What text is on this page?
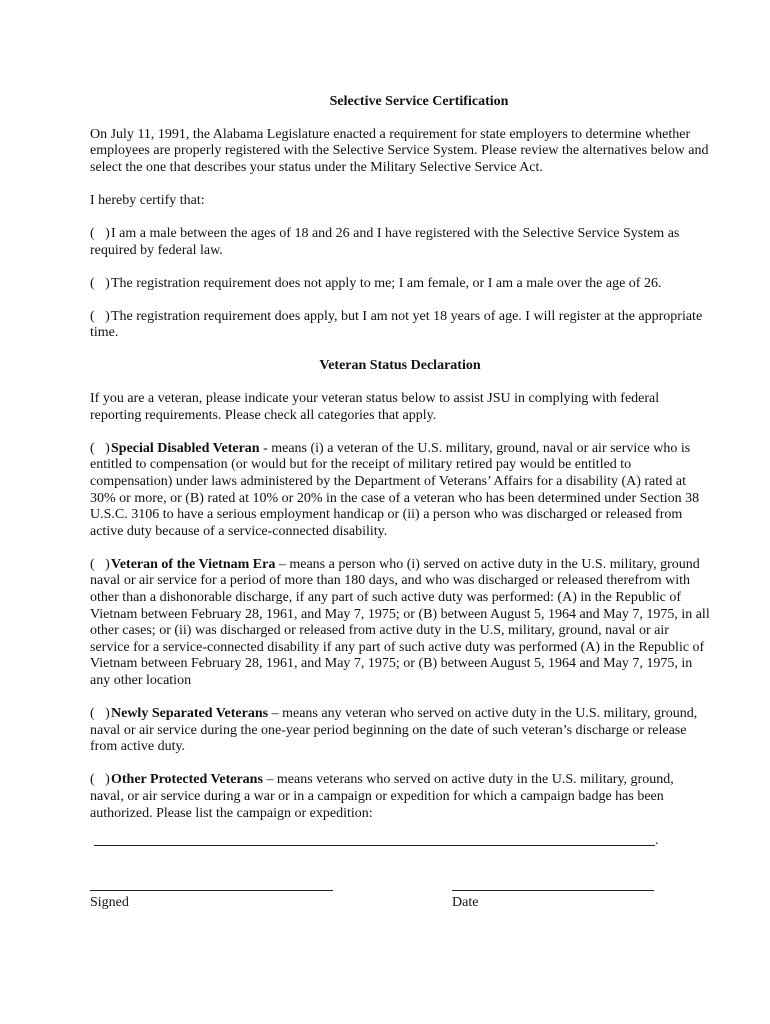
Selective Service Certification

On July 11, 1991, the Alabama Legislature enacted a requirement for state employers to determine whether employees are properly registered with the Selective Service System. Please review the alternatives below and select the one that describes your status under the Military Selective Service Act.

I hereby certify that:

(   )I am a male between the ages of 18 and 26 and I have registered with the Selective Service System as required by federal law.

(   )The registration requirement does not apply to me; I am female, or I am a male over the age of 26.

(   )The registration requirement does apply, but I am not yet 18 years of age. I will register at the appropriate time.

Veteran Status Declaration

If you are a veteran, please indicate your veteran status below to assist JSU in complying with federal reporting requirements. Please check all categories that apply.

(   )Special Disabled Veteran - means (i) a veteran of the U.S. military, ground, naval or air service who is entitled to compensation (or would but for the receipt of military retired pay would be entitled to compensation) under laws administered by the Department of Veterans’ Affairs for a disability (A) rated at 30% or more, or (B) rated at 10% or 20% in the case of a veteran who has been determined under Section 38 U.S.C. 3106 to have a serious employment handicap or (ii) a person who was discharged or released from active duty because of a service-connected disability.

(   )Veteran of the Vietnam Era – means a person who (i) served on active duty in the U.S. military, ground naval or air service for a period of more than 180 days, and who was discharged or released therefrom with other than a dishonorable discharge, if any part of such active duty was performed: (A) in the Republic of Vietnam between February 28, 1961, and May 7, 1975; or (B) between August 5, 1964 and May 7, 1975, in all other cases; or (ii) was discharged or released from active duty in the U.S, military, ground, naval or air service for a service-connected disability if any part of such active duty was performed (A) in the Republic of Vietnam between February 28, 1961, and May 7, 1975; or (B) between August 5, 1964 and May 7, 1975, in any other location

(   )Newly Separated Veterans – means any veteran who served on active duty in the U.S. military, ground, naval or air service during the one-year period beginning on the date of such veteran’s discharge or release from active duty.

(   )Other Protected Veterans – means veterans who served on active duty in the U.S. military, ground, naval, or air service during a war or in a campaign or expedition for which a campaign badge has been authorized. Please list the campaign or expedition:

.
Signed	Date
